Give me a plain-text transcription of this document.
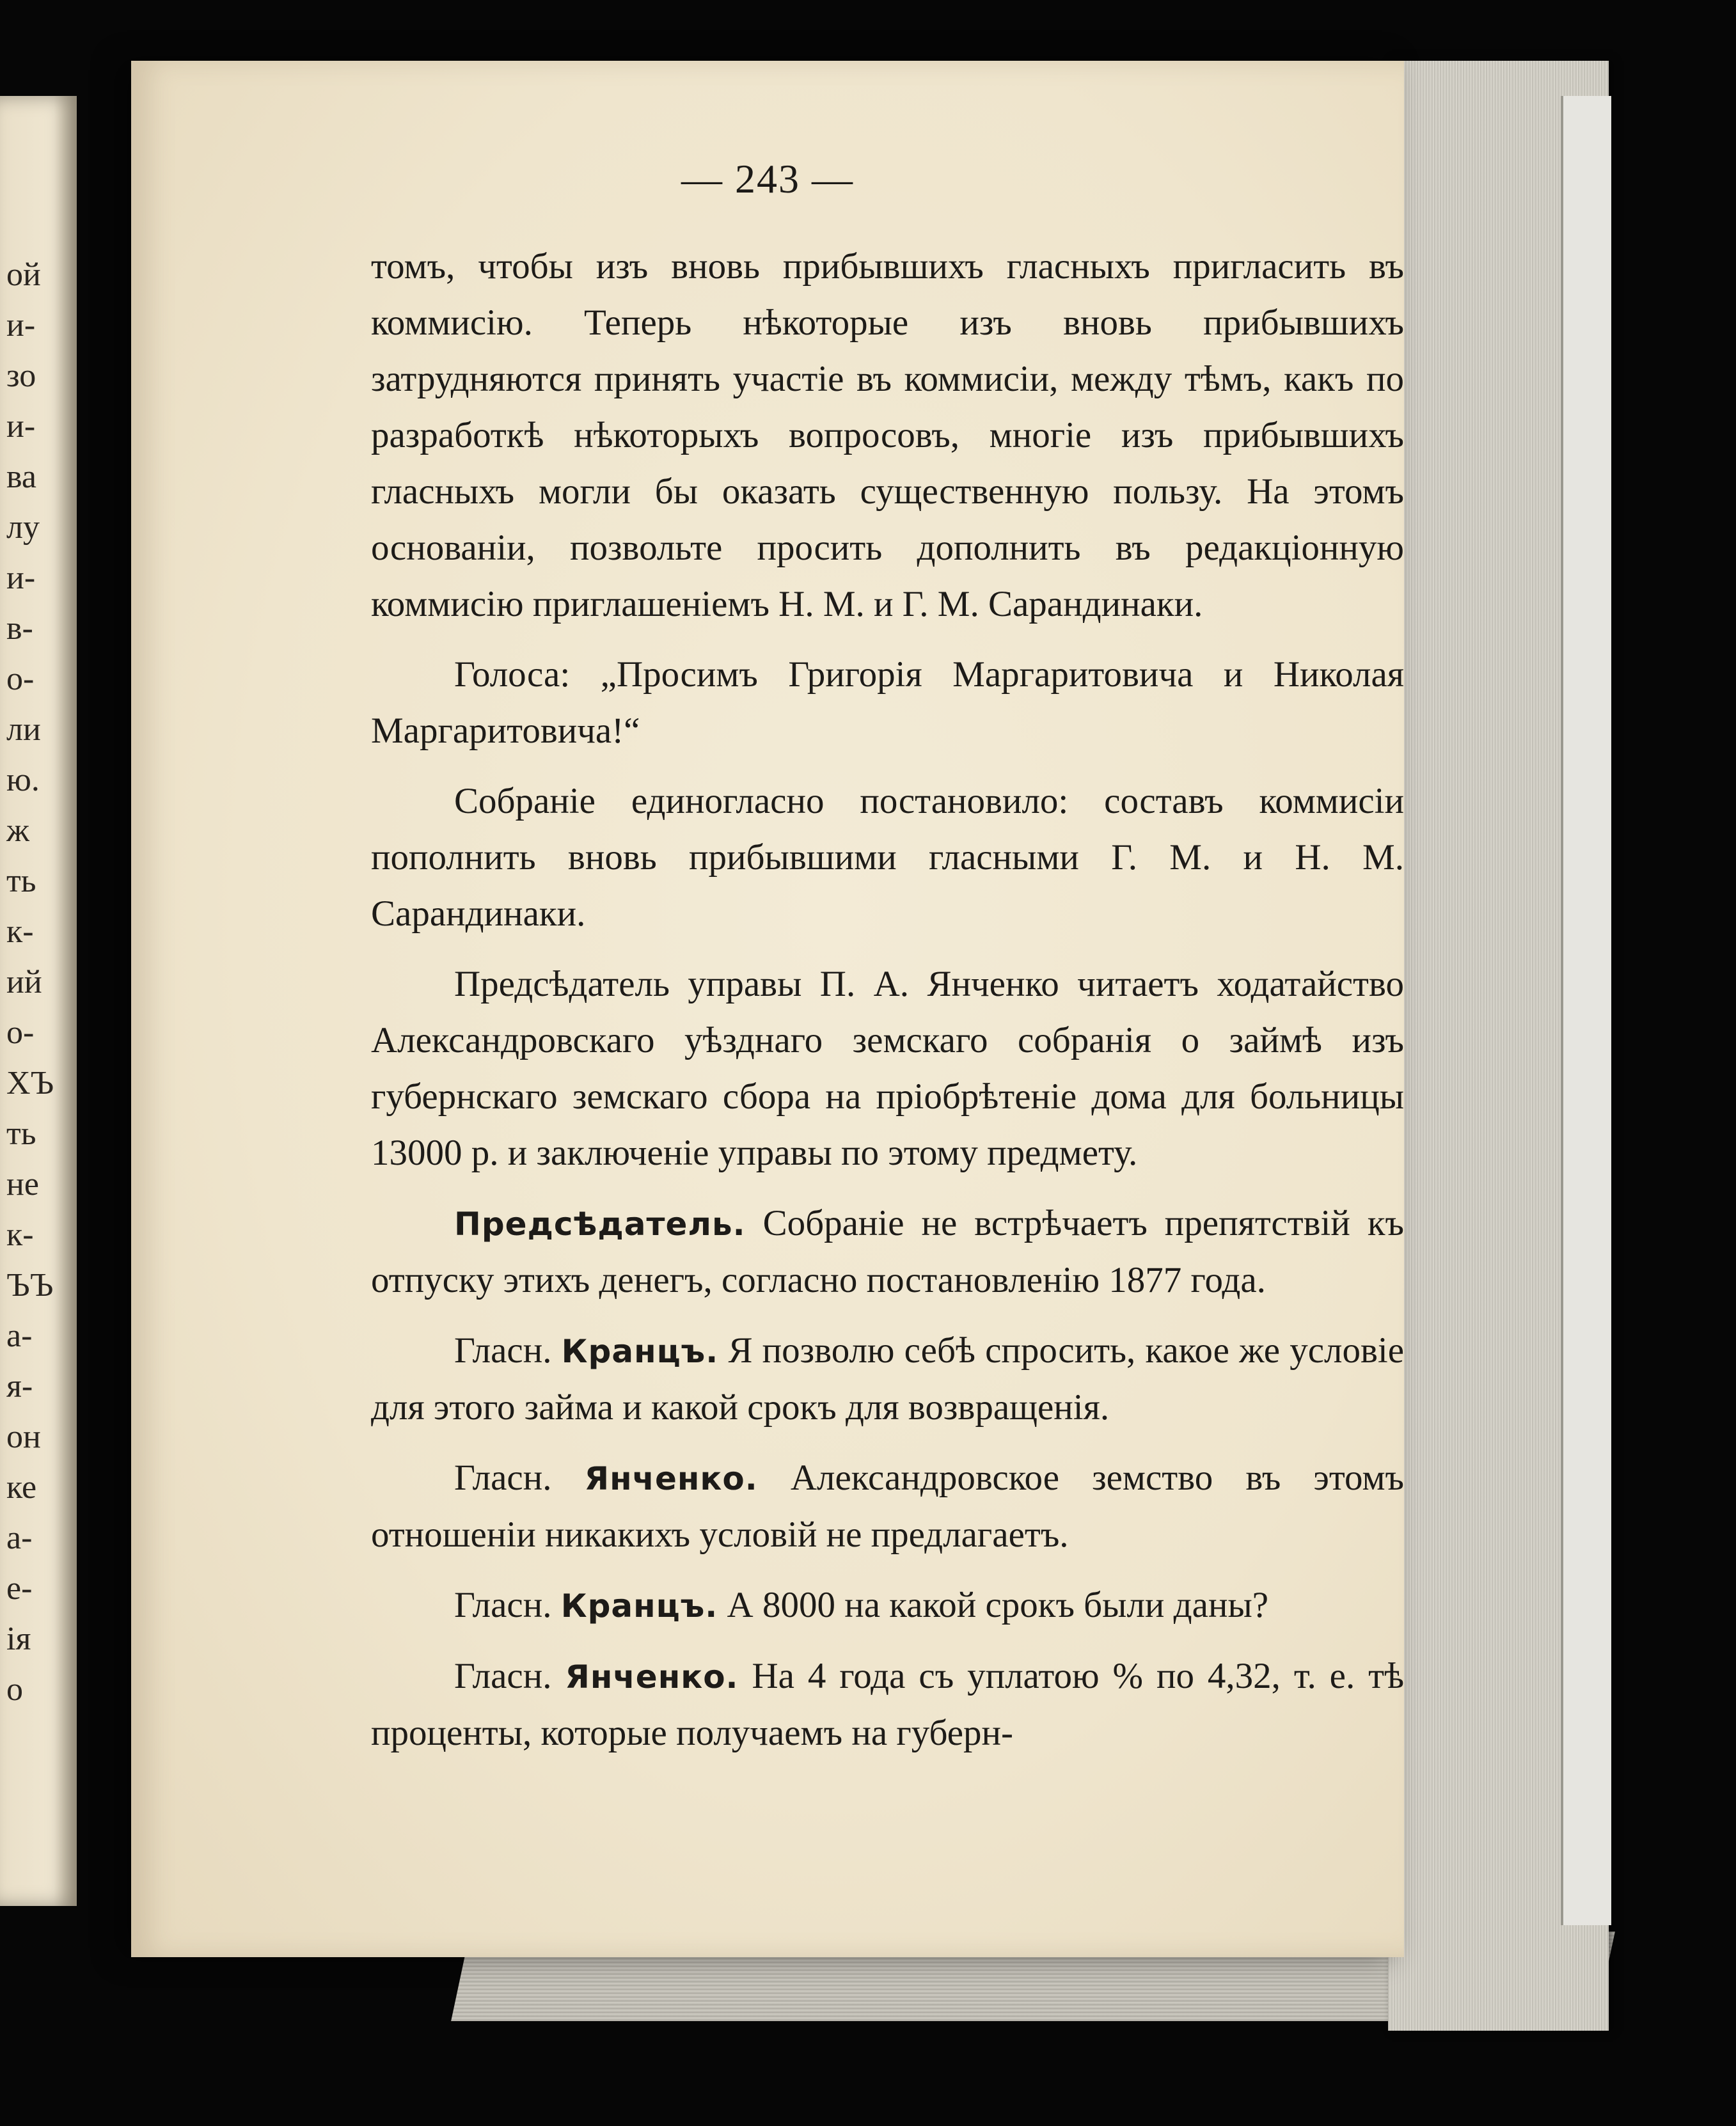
ой
и-
зо
и-
ва
лу
и-
в-
о-
ли
ю.
ж
ть
к-
ий
о-
ХЪ
ть
не
к-
ЪЪ
а-
я-
он
ке
а-
е-
ія
о
— 243 —

томъ, чтобы изъ вновь прибывшихъ гласныхъ пригласить въ коммисію. Теперь нѣкоторые изъ вновь прибывшихъ затрудняются принять участіе въ коммисіи, между тѣмъ, какъ по разработкѣ нѣкоторыхъ вопросовъ, многіе изъ прибывшихъ гласныхъ могли бы оказать существенную пользу. На этомъ основаніи, позвольте просить дополнить въ редакціонную коммисію приглашеніемъ Н. М. и Г. М. Сарандинаки.

Голоса: „Просимъ Григорія Маргаритовича и Николая Маргаритовича!“

Собраніе единогласно постановило: составъ коммисіи пополнить вновь прибывшими гласными Г. М. и Н. М. Сарандинаки.

Предсѣдатель управы П. А. Янченко читаетъ ходатайство Александровскаго уѣзднаго земскаго собранія о займѣ изъ губернскаго земскаго сбора на пріобрѣтеніе дома для больницы 13000 р. и заключеніе управы по этому предмету.

Предсѣдатель. Собраніе не встрѣчаетъ препятствій къ отпуску этихъ денегъ, согласно постановленію 1877 года.

Гласн. Кранцъ. Я позволю себѣ спросить, какое же условіе для этого займа и какой срокъ для возвращенія.

Гласн. Янченко. Александровское земство въ этомъ отношеніи никакихъ условій не предлагаетъ.

Гласн. Кранцъ. А 8000 на какой срокъ были даны?

Гласн. Янченко. На 4 года съ уплатою % по 4,32, т. е. тѣ проценты, которые получаемъ на губерн-
